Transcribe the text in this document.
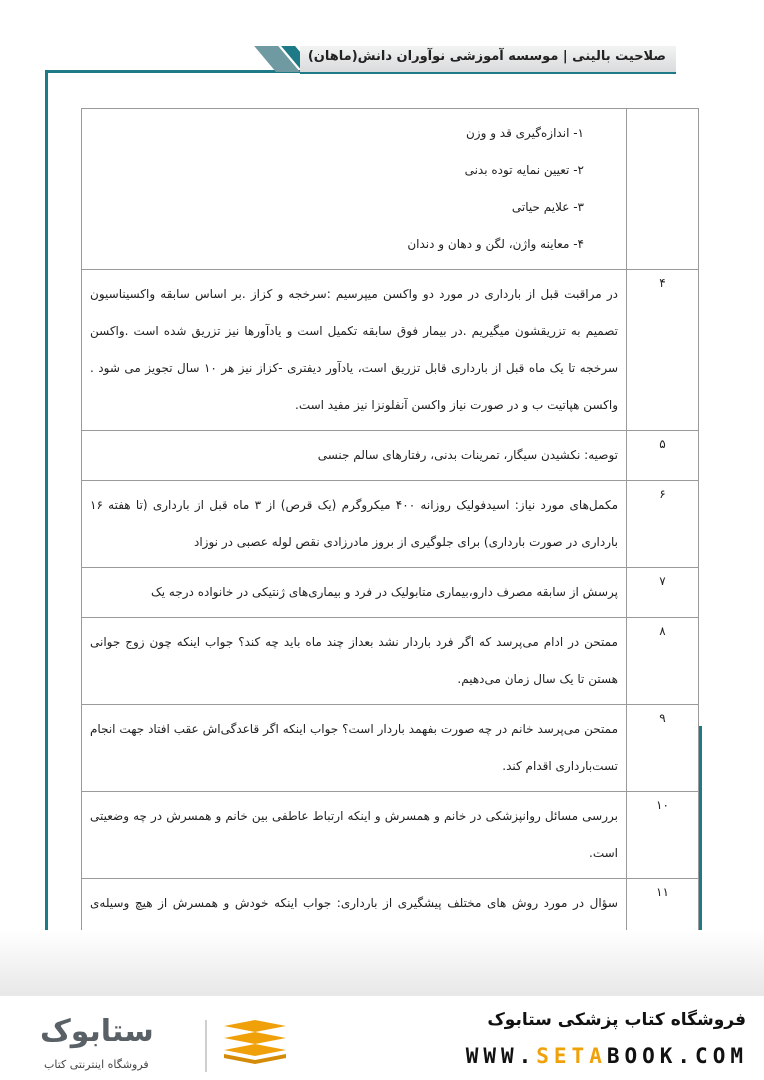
صلاحیت بالینی | موسسه آموزشی نوآوران دانش(ماهان)

	۱- اندازه‌گیری قد و وزن
۲- تعیین نمایه توده بدنی
۳- علایم حیاتی
۴- معاینه واژن، لگن و دهان و دندان

۴	در مراقبت قبل از بارداری در مورد دو واکسن میپرسیم :سرخجه و کزاز .بر اساس سابقه واکسیناسیون تصمیم به تزریقشون میگیریم .در بیمار فوق سابقه تکمیل است و یادآورها نیز تزریق شده است .واکسن سرخجه تا یک ماه قبل از بارداری قابل تزریق است، یادآور دیفتری -کزاز نیز هر ۱۰ سال تجویز می شود . واکسن هپاتیت ب و در صورت نیاز واکسن آنفلونزا نیز مفید است.
۵	توصیه: نکشیدن سیگار، تمرینات بدنی، رفتارهای سالم جنسی
۶	مکمل‌های مورد نیاز: اسیدفولیک روزانه ۴۰۰ میکروگرم (یک قرص) از ۳ ماه قبل از بارداری (تا هفته ۱۶ بارداری در صورت بارداری) برای جلوگیری از بروز مادرزادی نقص لوله عصبی در نوزاد
۷	پرسش از سابقه مصرف دارو،بیماری متابولیک در فرد و بیماری‌های ژنتیکی در خانواده درجه یک
۸	ممتحن در ادام می‌پرسد که اگر فرد باردار نشد بعداز چند ماه باید چه کند؟ جواب اینکه چون زوج جوانی هستن تا یک سال زمان می‌دهیم.
۹	ممتحن می‌پرسد خانم در چه صورت بفهمد باردار است؟ جواب اینکه اگر قاعدگی‌اش عقب افتاد جهت انجام تست‌بارداری اقدام کند.
۱۰	بررسی مسائل روانپزشکی در خانم و همسرش و اینکه ارتباط عاطفی بین خانم و همسرش در چه وضعیتی است.
۱۱	سؤال در مورد روش های مختلف پیشگیری از بارداری: جواب اینکه خودش و همسرش از هیچ وسیله‌ی

فروشگاه کتاب پزشکی ستابوک
WWW.SETABOOK.COM
ستابوک
فروشگاه اینترنتی کتاب
